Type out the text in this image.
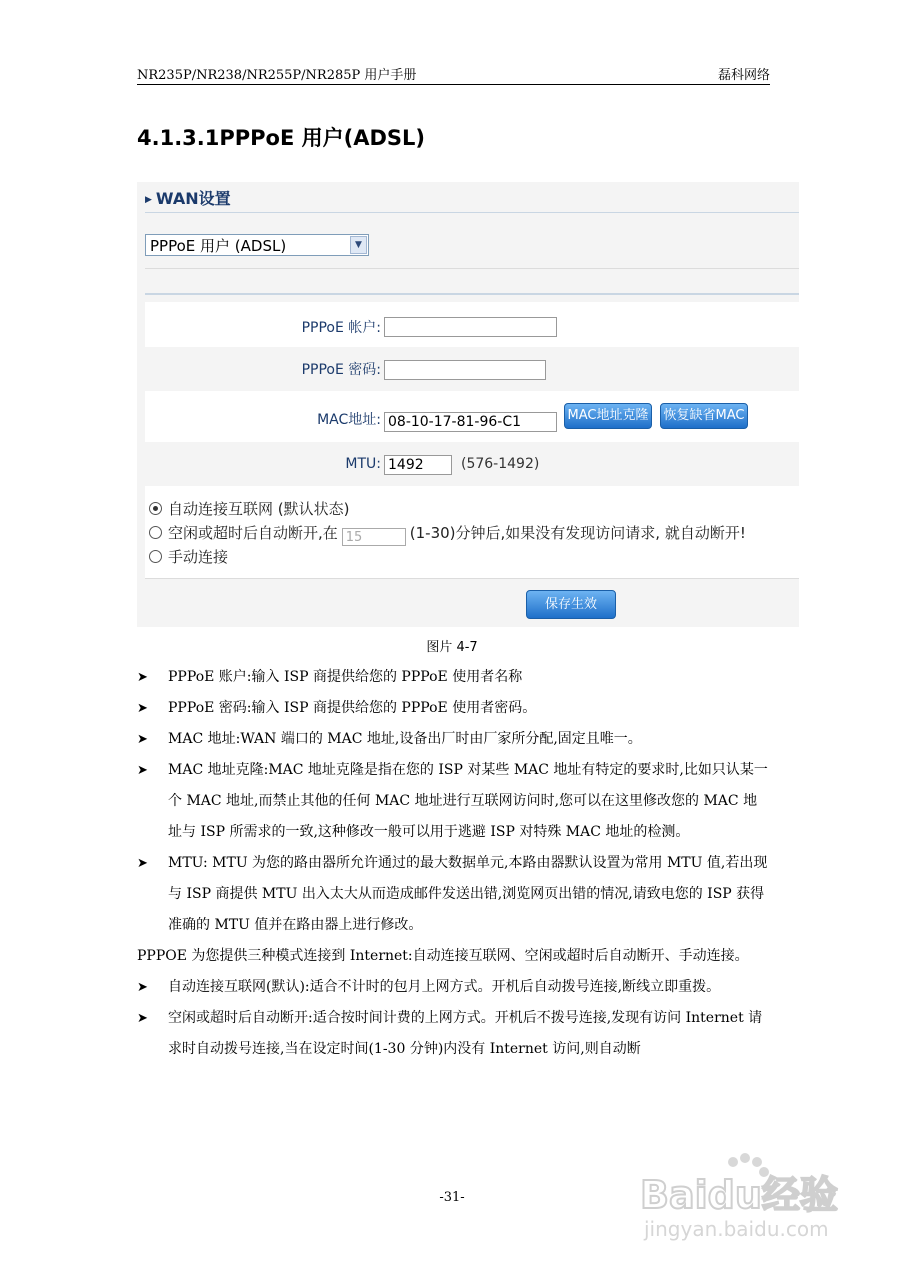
NR235P/NR238/NR255P/NR285P 用户手册	磊科网络
4.1.3.1PPPoE 用户(ADSL)
▶ WAN设置
PPPoE 用户 (ADSL)	▼
PPPoE 帐户:
PPPoE 密码:
MAC地址: 08-10-17-81-96-C1	MAC地址克隆 恢复缺省MAC
MTU: 1492	(576-1492)
自动连接互联网 (默认状态)
空闲或超时后自动断开,在 15	(1-30)分钟后,如果没有发现访问请求, 就自动断开!
手动连接
保存生效
图片 4-7
➤ PPPoE 账户:输入 ISP 商提供给您的 PPPoE 使用者名称
➤ PPPoE 密码:输入 ISP 商提供给您的 PPPoE 使用者密码。
➤ MAC 地址:WAN 端口的 MAC 地址,设备出厂时由厂家所分配,固定且唯一。
➤ MAC 地址克隆:MAC 地址克隆是指在您的 ISP 对某些 MAC 地址有特定的要求时,比如只认某一个 MAC 地址,而禁止其他的任何 MAC 地址进行互联网访问时,您可以在这里修改您的 MAC 地址与 ISP 所需求的一致,这种修改一般可以用于逃避 ISP 对特殊 MAC 地址的检测。
➤ MTU: MTU 为您的路由器所允许通过的最大数据单元,本路由器默认设置为常用 MTU 值,若出现与 ISP 商提供 MTU 出入太大从而造成邮件发送出错,浏览网页出错的情况,请致电您的 ISP 获得准确的 MTU 值并在路由器上进行修改。
PPPOE 为您提供三种模式连接到 Internet:自动连接互联网、空闲或超时后自动断开、手动连接。
➤ 自动连接互联网(默认):适合不计时的包月上网方式。开机后自动拨号连接,断线立即重拨。
➤ 空闲或超时后自动断开:适合按时间计费的上网方式。开机后不拨号连接,发现有访问 Internet 请求时自动拨号连接,当在设定时间(1-30 分钟)内没有 Internet 访问,则自动断
-31-	Baidu经验
jingyan.baidu.com
